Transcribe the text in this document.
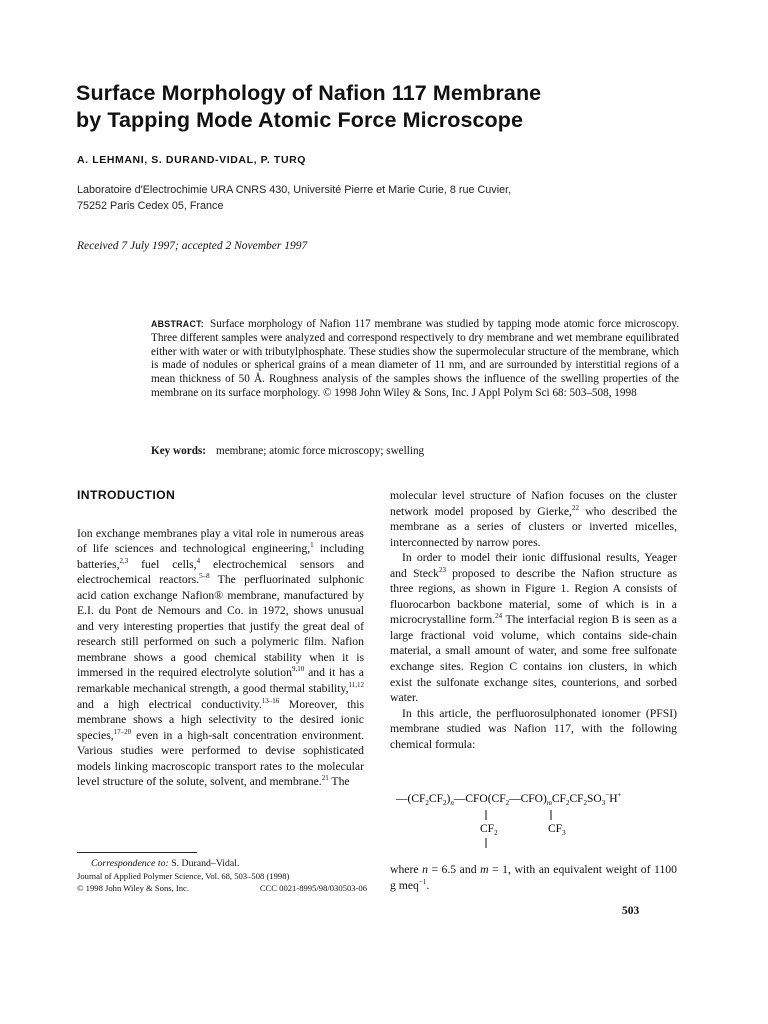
Surface Morphology of Nafion 117 Membrane
by Tapping Mode Atomic Force Microscope
A. LEHMANI, S. DURAND-VIDAL, P. TURQ
Laboratoire d'Electrochimie URA CNRS 430, Université Pierre et Marie Curie, 8 rue Cuvier,
75252 Paris Cedex 05, France
Received 7 July 1997; accepted 2 November 1997
ABSTRACT: Surface morphology of Nafion 117 membrane was studied by tapping mode atomic force microscopy. Three different samples were analyzed and correspond respectively to dry membrane and wet membrane equilibrated either with water or with tributylphosphate. These studies show the supermolecular structure of the membrane, which is made of nodules or spherical grains of a mean diameter of 11 nm, and are surrounded by interstitial regions of a mean thickness of 50 Å. Roughness analysis of the samples shows the influence of the swelling properties of the membrane on its surface morphology. © 1998 John Wiley & Sons, Inc. J Appl Polym Sci 68: 503–508, 1998
Key words: membrane; atomic force microscopy; swelling
INTRODUCTION

Ion exchange membranes play a vital role in numerous areas of life sciences and technological engineering,$^1$ including batteries,$^{2,3}$ fuel cells,$^4$ electrochemical sensors and electrochemical reactors.$^{5-8}$ The perfluorinated sulphonic acid cation exchange Nafion® membrane, manufactured by E.I. du Pont de Nemours and Co. in 1972, shows unusual and very interesting properties that justify the great deal of research still performed on such a polymeric film. Nafion membrane shows a good chemical stability when it is immersed in the required electrolyte solution$^{9,10}$ and it has a remarkable mechanical strength, a good thermal stability,$^{11,12}$ and a high electrical conductivity.$^{13-16}$ Moreover, this membrane shows a high selectivity to the desired ionic species,$^{17-20}$ even in a high-salt concentration environment. Various studies were performed to devise sophisticated models linking macroscopic transport rates to the molecular level structure of the solute, solvent, and membrane.$^{21}$ The

molecular level structure of Nafion focuses on the cluster network model proposed by Gierke,$^{22}$ who described the membrane as a series of clusters or inverted micelles, interconnected by narrow pores.

In order to model their ionic diffusional results, Yeager and Steck$^{23}$ proposed to describe the Nafion structure as three regions, as shown in Figure 1. Region A consists of fluorocarbon backbone material, some of which is in a microcrystalline form.$^{24}$ The interfacial region B is seen as a large fractional void volume, which contains side-chain material, a small amount of water, and some free sulfonate exchange sites. Region C contains ion clusters, in which exist the sulfonate exchange sites, counterions, and sorbed water.

In this article, the perfluorosulphonated ionomer (PFSI) membrane studied was Nafion 117, with the following chemical formula:

$—(CF_2CF_2)_n—CFO(CF_2—CFO)_mCF_2CF_2SO_3^-H^+$
$CF_2$	$CF_3$
where n = 6.5 and m = 1, with an equivalent weight of 1100 g meq$^{-1}$.
Correspondence to: S. Durand–Vidal.
Journal of Applied Polymer Science, Vol. 68, 503–508 (1998)
© 1998 John Wiley & Sons, Inc.	CCC 0021-8995/98/030503-06
503
